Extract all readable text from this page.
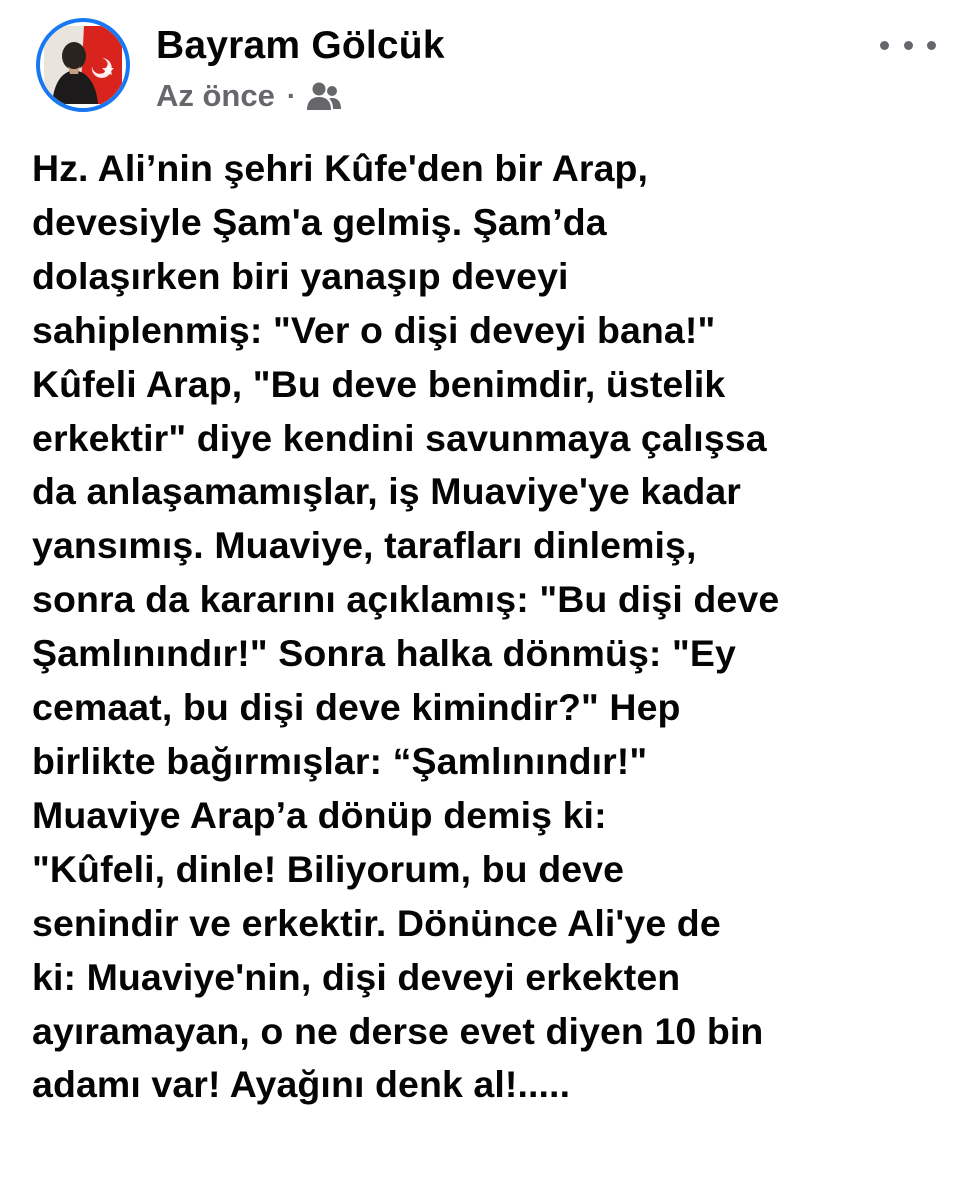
Bayram Gölcük
Az önce ·
Hz. Ali’nin şehri Kûfe'den bir Arap,
devesiyle Şam'a gelmiş. Şam’da
dolaşırken biri yanaşıp deveyi
sahiplenmiş: "Ver o dişi deveyi bana!"
Kûfeli Arap, "Bu deve benimdir, üstelik
erkektir" diye kendini savunmaya çalışsa
da anlaşamamışlar, iş Muaviye'ye kadar
yansımış. Muaviye, tarafları dinlemiş,
sonra da kararını açıklamış: "Bu dişi deve
Şamlınındır!" Sonra halka dönmüş: "Ey
cemaat, bu dişi deve kimindir?" Hep
birlikte bağırmışlar: “Şamlınındır!"
Muaviye Arap’a dönüp demiş ki:
"Kûfeli, dinle! Biliyorum, bu deve
senindir ve erkektir. Dönünce Ali'ye de
ki: Muaviye'nin, dişi deveyi erkekten
ayıramayan, o ne derse evet diyen 10 bin
adamı var! Ayağını denk al!.....
